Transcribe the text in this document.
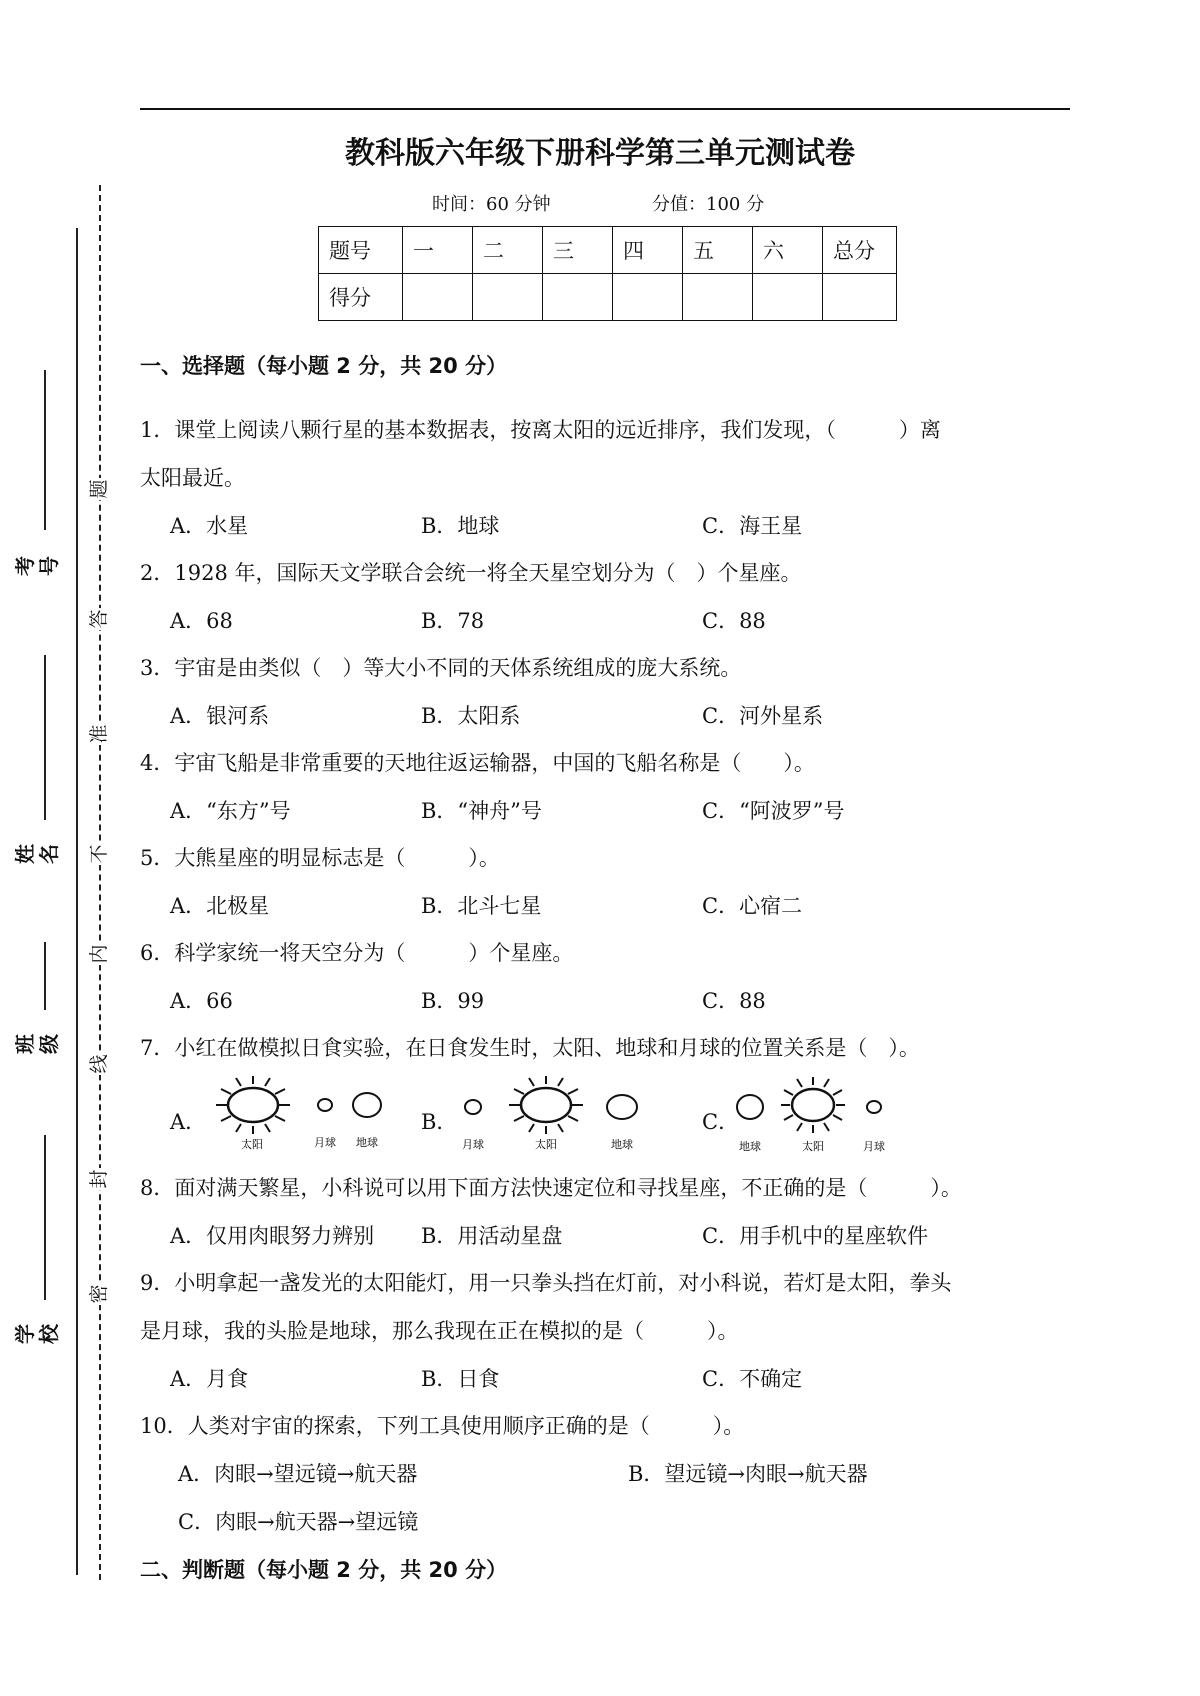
教科版六年级下册科学第三单元测试卷
时间：60 分钟	分值：100 分
题号	一	二	三	四	五	六	总分
得分							
题
答
准
不
内
线
封
密
考号
姓名
班级
学校
一、选择题（每小题 2 分，共 20 分）
1．课堂上阅读八颗行星的基本数据表，按离太阳的远近排序，我们发现，（　　　）离
太阳最近。
A．水星	B．地球	C．海王星
2．1928 年，国际天文学联合会统一将全天星空划分为（　）个星座。
A．68	B．78	C．88
3．宇宙是由类似（　）等大小不同的天体系统组成的庞大系统。
A．银河系	B．太阳系	C．河外星系
4．宇宙飞船是非常重要的天地往返运输器，中国的飞船名称是（　　）。
A．“东方”号	B．“神舟”号	C．“阿波罗”号
5．大熊星座的明显标志是（　　　）。
A．北极星	B．北斗七星	C．心宿二
6．科学家统一将天空分为（　　　）个星座。
A．66	B．99	C．88
7．小红在做模拟日食实验，在日食发生时，太阳、地球和月球的位置关系是（　）。
A．	B．	C．
太阳	月球 地球	月球	太阳	地球	地球	太阳	月球
8．面对满天繁星，小科说可以用下面方法快速定位和寻找星座，不正确的是（　　　）。
A．仅用肉眼努力辨别 B．用活动星盘	C．用手机中的星座软件
9．小明拿起一盏发光的太阳能灯，用一只拳头挡在灯前，对小科说，若灯是太阳，拳头
是月球，我的头脸是地球，那么我现在正在模拟的是（　　　）。
A．月食	B．日食	C．不确定
10．人类对宇宙的探索，下列工具使用顺序正确的是（　　　）。
A．肉眼→望远镜→航天器	B．望远镜→肉眼→航天器
C．肉眼→航天器→望远镜
二、判断题（每小题 2 分，共 20 分）
